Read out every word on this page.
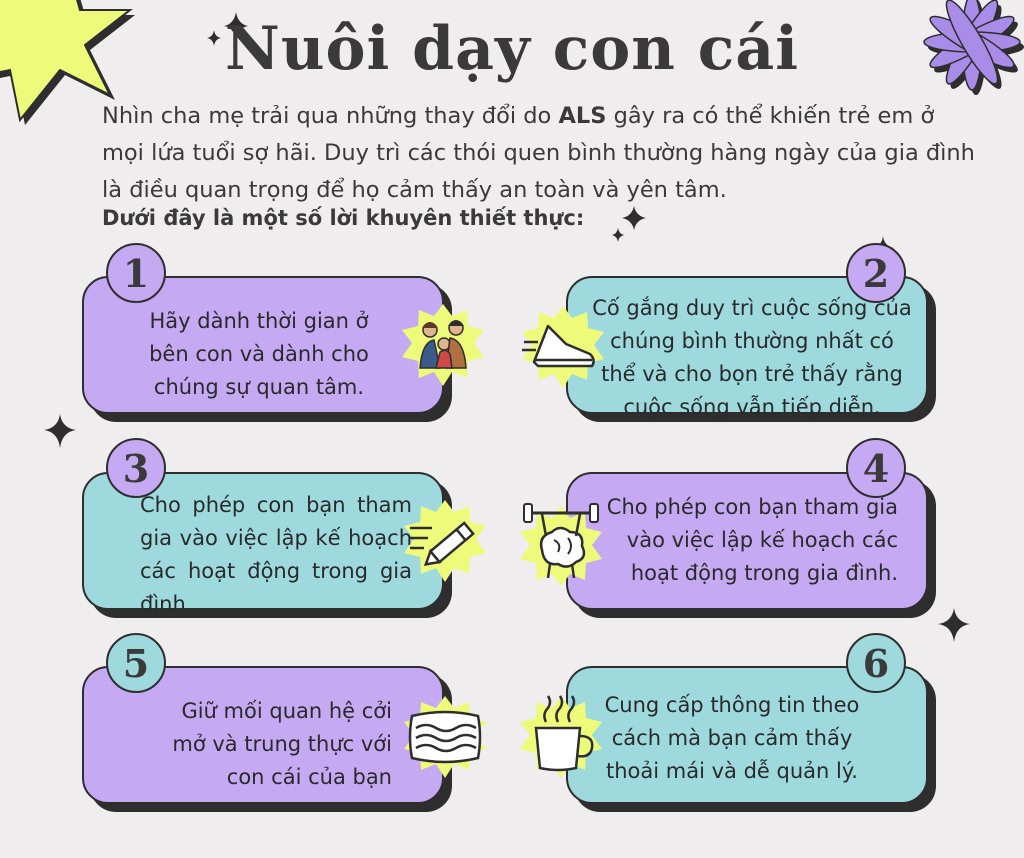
Nuôi dạy con cái
Nhìn cha mẹ trải qua những thay đổi do ALS gây ra có thể khiến trẻ em ở mọi lứa tuổi sợ hãi. Duy trì các thói quen bình thường hàng ngày của gia đình là điều quan trọng để họ cảm thấy an toàn và yên tâm.
Dưới đây là một số lời khuyên thiết thực:
1
Hãy dành thời gian ở bên con và dành cho chúng sự quan tâm.
2
Cố gắng duy trì cuộc sống của chúng bình thường nhất có thể và cho bọn trẻ thấy rằng cuộc sống vẫn tiếp diễn.
3
Cho phép con bạn tham gia vào việc lập kế hoạch các hoạt động trong gia đình.
4
Cho phép con bạn tham gia vào việc lập kế hoạch các hoạt động trong gia đình.
5
Giữ mối quan hệ cởi mở và trung thực với con cái của bạn
6
Cung cấp thông tin theo cách mà bạn cảm thấy thoải mái và dễ quản lý.
